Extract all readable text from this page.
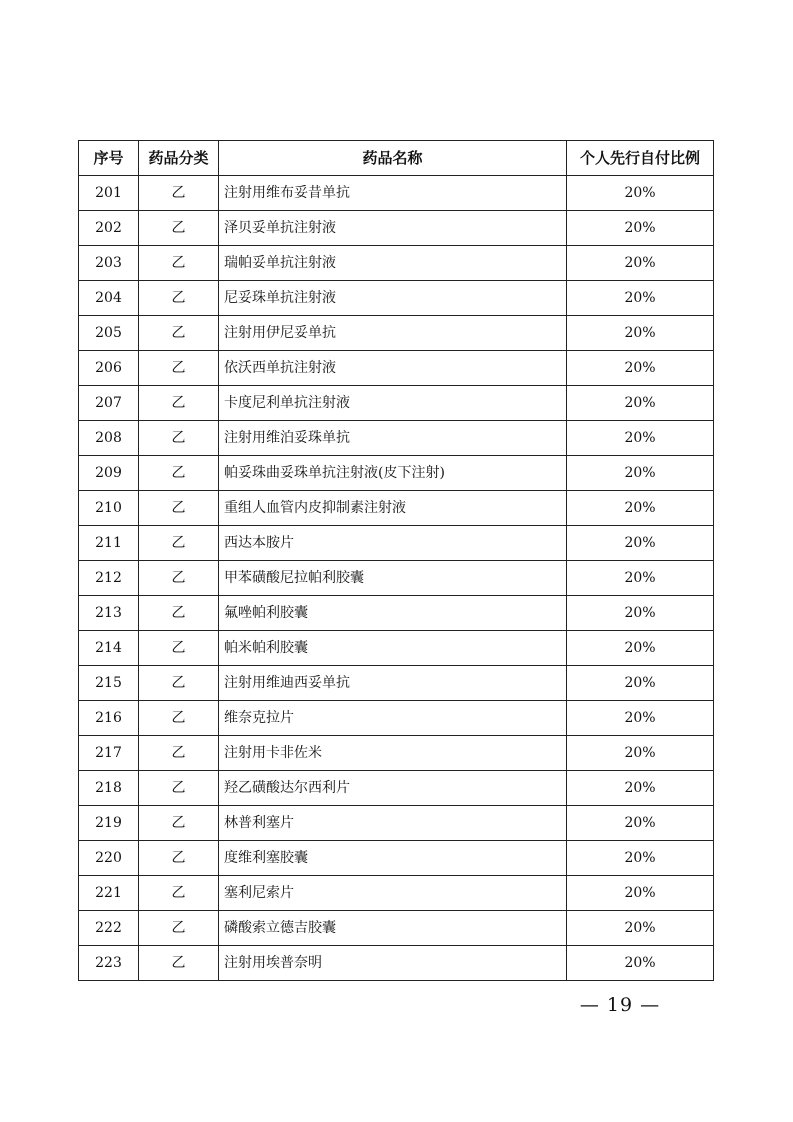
序号	药品分类	药品名称	个人先行自付比例
201	乙	注射用维布妥昔单抗	20%
202	乙	泽贝妥单抗注射液	20%
203	乙	瑞帕妥单抗注射液	20%
204	乙	尼妥珠单抗注射液	20%
205	乙	注射用伊尼妥单抗	20%
206	乙	依沃西单抗注射液	20%
207	乙	卡度尼利单抗注射液	20%
208	乙	注射用维泊妥珠单抗	20%
209	乙	帕妥珠曲妥珠单抗注射液(皮下注射)	20%
210	乙	重组人血管内皮抑制素注射液	20%
211	乙	西达本胺片	20%
212	乙	甲苯磺酸尼拉帕利胶囊	20%
213	乙	氟唑帕利胶囊	20%
214	乙	帕米帕利胶囊	20%
215	乙	注射用维迪西妥单抗	20%
216	乙	维奈克拉片	20%
217	乙	注射用卡非佐米	20%
218	乙	羟乙磺酸达尔西利片	20%
219	乙	林普利塞片	20%
220	乙	度维利塞胶囊	20%
221	乙	塞利尼索片	20%
222	乙	磷酸索立德吉胶囊	20%
223	乙	注射用埃普奈明	20%
— 19 —
